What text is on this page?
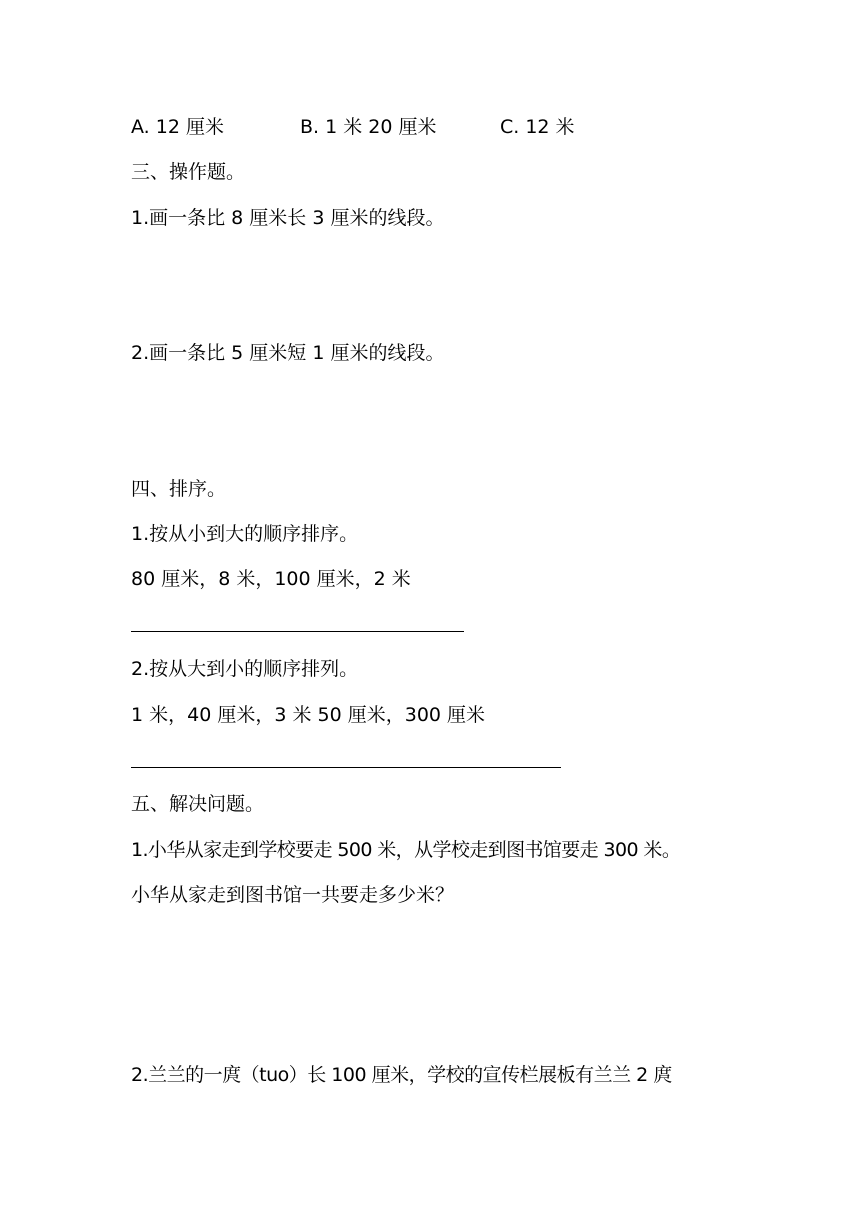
A. 12 厘米	B. 1 米 20 厘米	C. 12 米
三、操作题。
1.画一条比 8 厘米长 3 厘米的线段。
2.画一条比 5 厘米短 1 厘米的线段。
四、排序。
1.按从小到大的顺序排序。
80 厘米，8 米，100 厘米，2 米
2.按从大到小的顺序排列。
1 米，40 厘米，3 米 50 厘米，300 厘米
五、解决问题。
1.小华从家走到学校要走 500 米，从学校走到图书馆要走 300 米。
小华从家走到图书馆一共要走多少米？
2.兰兰的一庹（tuo）长 100 厘米，学校的宣传栏展板有兰兰 2 庹
